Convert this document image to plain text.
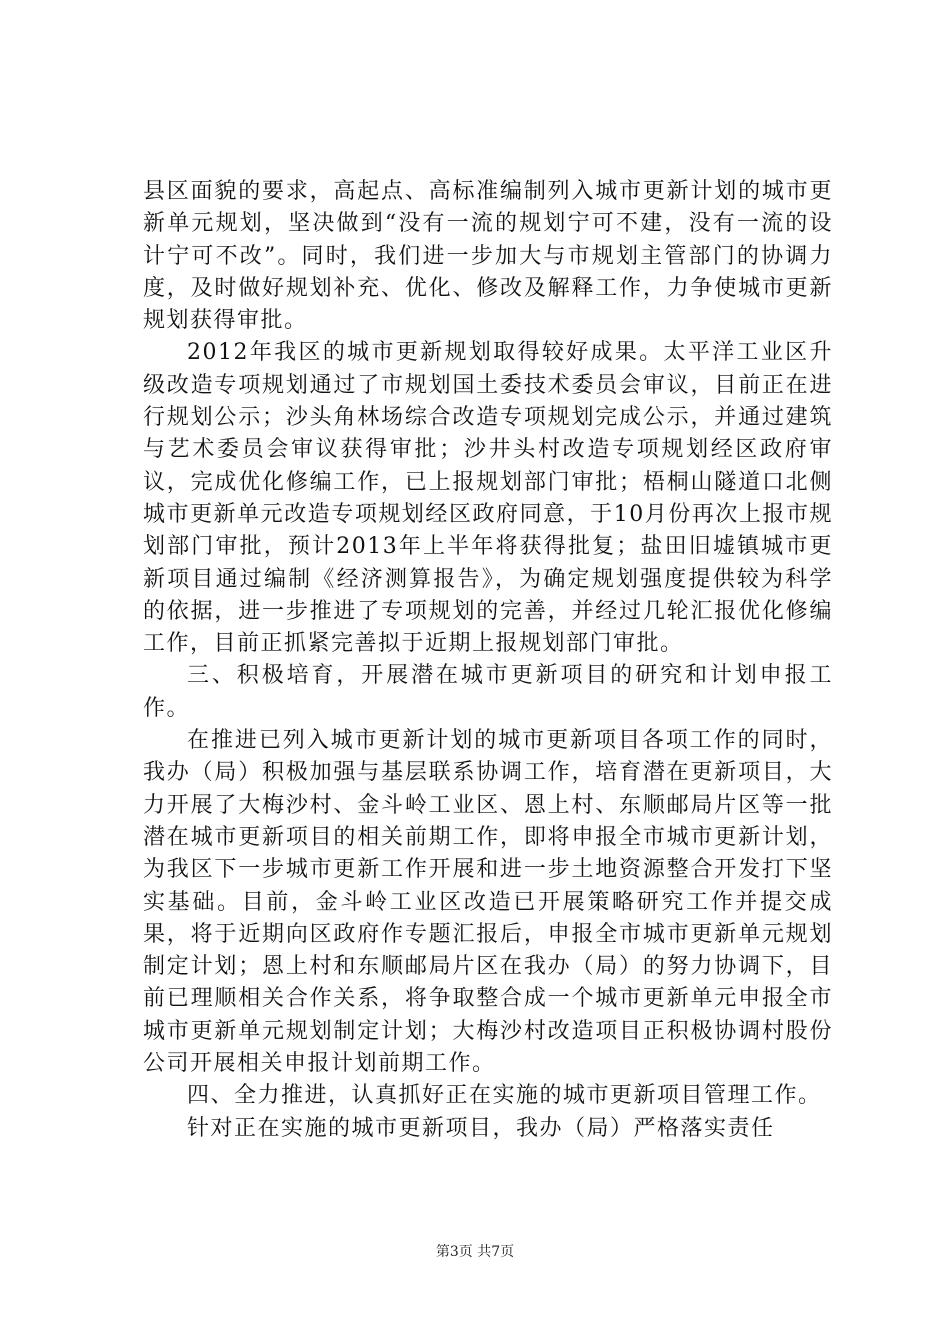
县区面貌的要求，高起点、高标准编制列入城市更新计划的城市更新单元规划，坚决做到“没有一流的规划宁可不建，没有一流的设计宁可不改”。同时，我们进一步加大与市规划主管部门的协调力度，及时做好规划补充、优化、修改及解释工作，力争使城市更新规划获得审批。

2012年我区的城市更新规划取得较好成果。太平洋工业区升级改造专项规划通过了市规划国土委技术委员会审议，目前正在进行规划公示；沙头角林场综合改造专项规划完成公示，并通过建筑与艺术委员会审议获得审批；沙井头村改造专项规划经区政府审议，完成优化修编工作，已上报规划部门审批；梧桐山隧道口北侧城市更新单元改造专项规划经区政府同意，于10月份再次上报市规划部门审批，预计2013年上半年将获得批复；盐田旧墟镇城市更新项目通过编制《经济测算报告》，为确定规划强度提供较为科学的依据，进一步推进了专项规划的完善，并经过几轮汇报优化修编工作，目前正抓紧完善拟于近期上报规划部门审批。

三、积极培育，开展潜在城市更新项目的研究和计划申报工作。

在推进已列入城市更新计划的城市更新项目各项工作的同时，我办（局）积极加强与基层联系协调工作，培育潜在更新项目，大力开展了大梅沙村、金斗岭工业区、恩上村、东顺邮局片区等一批潜在城市更新项目的相关前期工作，即将申报全市城市更新计划，为我区下一步城市更新工作开展和进一步土地资源整合开发打下坚实基础。目前，金斗岭工业区改造已开展策略研究工作并提交成果，将于近期向区政府作专题汇报后，申报全市城市更新单元规划制定计划；恩上村和东顺邮局片区在我办（局）的努力协调下，目前已理顺相关合作关系，将争取整合成一个城市更新单元申报全市城市更新单元规划制定计划；大梅沙村改造项目正积极协调村股份公司开展相关申报计划前期工作。

四、全力推进，认真抓好正在实施的城市更新项目管理工作。

针对正在实施的城市更新项目，我办（局）严格落实责任

第3页 共7页
